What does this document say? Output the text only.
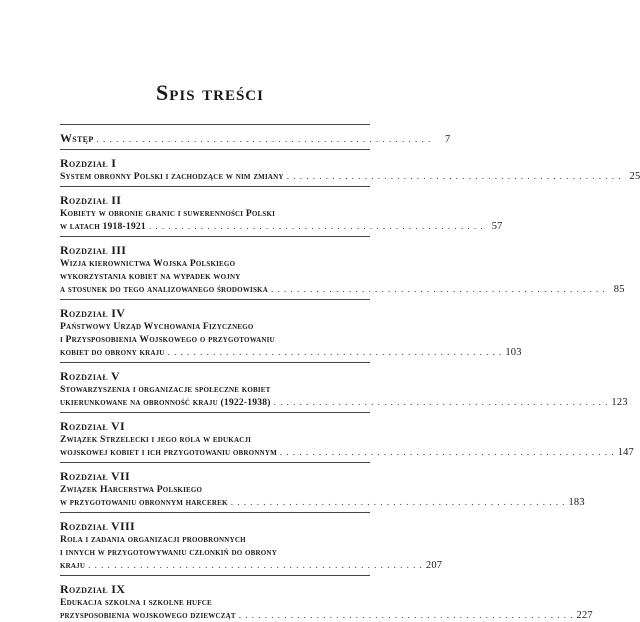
Spis treści
Wstęp . . . . . . . . . . . . . . . . . . . . . . . . . . . . . . . . . . . . . . . . . . . . . . . . . . . .	7
Rozdział I
System obronny Polski i zachodzące w nim zmiany . . . . . . . . . . . . . . . . . . . . . . . . . . . . . . . . . . . . . . . . . . . . . . . . . . . . 25
Rozdział II
Kobiety w obronie granic i suwerenności Polski
w latach 1918-1921 . . . . . . . . . . . . . . . . . . . . . . . . . . . . . . . . . . . . . . . . . . . . . . . . . . . . 57
Rozdział III
Wizja kierownictwa Wojska Polskiego
wykorzystania kobiet na wypadek wojny
a stosunek do tego analizowanego środowiska . . . . . . . . . . . . . . . . . . . . . . . . . . . . . . . . . . . . . . . . . . . . . . . . . . . . 85
Rozdział IV
Państwowy Urząd Wychowania Fizycznego
i Przysposobienia Wojskowego o przygotowaniu
kobiet do obrony kraju . . . . . . . . . . . . . . . . . . . . . . . . . . . . . . . . . . . . . . . . . . . . . . . . . . . . 103
Rozdział V
Stowarzyszenia i organizacje społeczne kobiet
ukierunkowane na obronność kraju (1922-1938) . . . . . . . . . . . . . . . . . . . . . . . . . . . . . . . . . . . . . . . . . . . . . . . . . . . . 123
Rozdział VI
Związek Strzelecki i jego rola w edukacji
wojskowej kobiet i ich przygotowaniu obronnym . . . . . . . . . . . . . . . . . . . . . . . . . . . . . . . . . . . . . . . . . . . . . . . . . . . . 147
Rozdział VII
Związek Harcerstwa Polskiego
w przygotowaniu obronnym harcerek . . . . . . . . . . . . . . . . . . . . . . . . . . . . . . . . . . . . . . . . . . . . . . . . . . . . 183
Rozdział VIII
Rola i zadania organizacji proobronnych
i innych w przygotowywaniu członkiń do obrony
kraju . . . . . . . . . . . . . . . . . . . . . . . . . . . . . . . . . . . . . . . . . . . . . . . . . . . . 207
Rozdział IX
Edukacja szkolna i szkolne hufce
przysposobienia wojskowego dziewcząt . . . . . . . . . . . . . . . . . . . . . . . . . . . . . . . . . . . . . . . . . . . . . . . . . . . . 227
